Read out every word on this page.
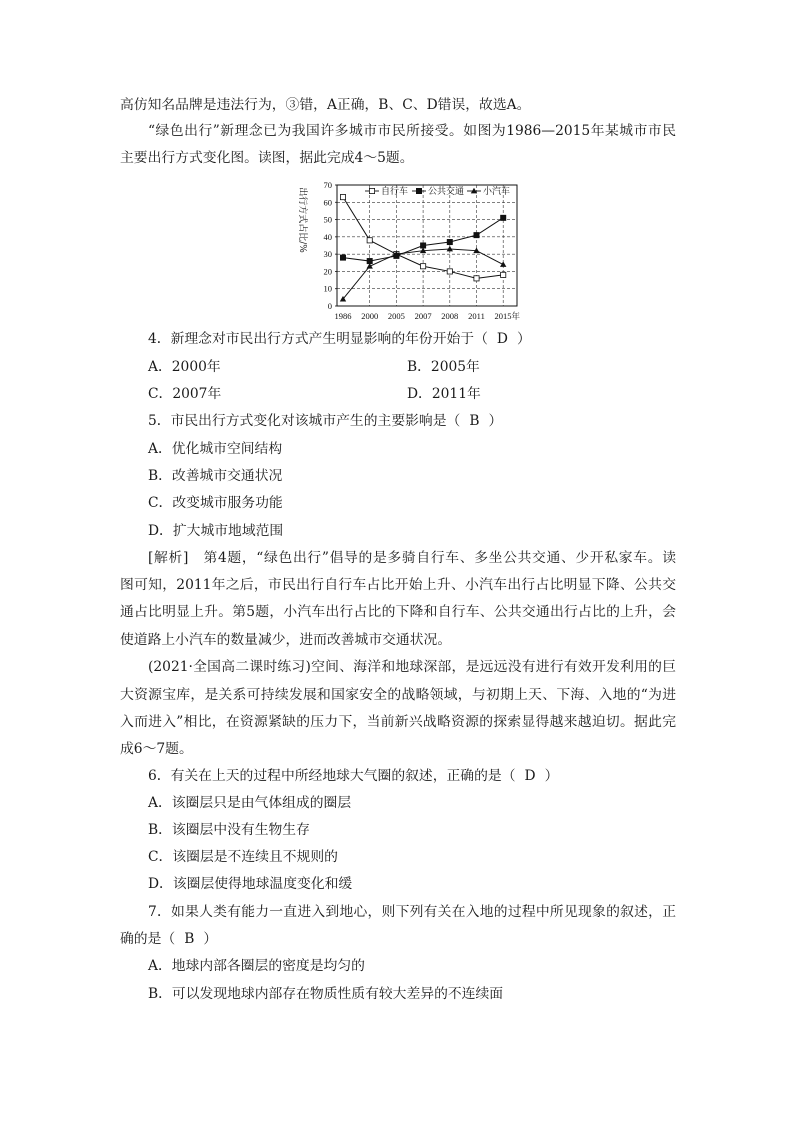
高仿知名品牌是违法行为，③错，A正确，B、C、D错误，故选A。
“绿色出行”新理念已为我国许多城市市民所接受。如图为1986—2015年某城市市民
主要出行方式变化图。读图，据此完成4～5题。
0
10
20
30
40
50
60
70
1986 2000 2005 2007 2008 2011 2015年
出行方式占比/%	自行车 公共交通 小汽车
4．新理念对市民出行方式产生明显影响的年份开始于（ D ）
A．2000年	B．2005年
C．2007年	D．2011年
5．市民出行方式变化对该城市产生的主要影响是（ B ）
A．优化城市空间结构
B．改善城市交通状况
C．改变城市服务功能
D．扩大城市地域范围
[解析]　第4题，“绿色出行”倡导的是多骑自行车、多坐公共交通、少开私家车。读
图可知，2011年之后，市民出行自行车占比开始上升、小汽车出行占比明显下降、公共交
通占比明显上升。第5题，小汽车出行占比的下降和自行车、公共交通出行占比的上升，会
使道路上小汽车的数量减少，进而改善城市交通状况。
(2021·全国高二课时练习)空间、海洋和地球深部，是远远没有进行有效开发利用的巨
大资源宝库，是关系可持续发展和国家安全的战略领域，与初期上天、下海、入地的“为进
入而进入”相比，在资源紧缺的压力下，当前新兴战略资源的探索显得越来越迫切。据此完
成6～7题。
6．有关在上天的过程中所经地球大气圈的叙述，正确的是（ D ）
A．该圈层只是由气体组成的圈层
B．该圈层中没有生物生存
C．该圈层是不连续且不规则的
D．该圈层使得地球温度变化和缓
7．如果人类有能力一直进入到地心，则下列有关在入地的过程中所见现象的叙述，正
确的是（ B ）
A．地球内部各圈层的密度是均匀的
B．可以发现地球内部存在物质性质有较大差异的不连续面
